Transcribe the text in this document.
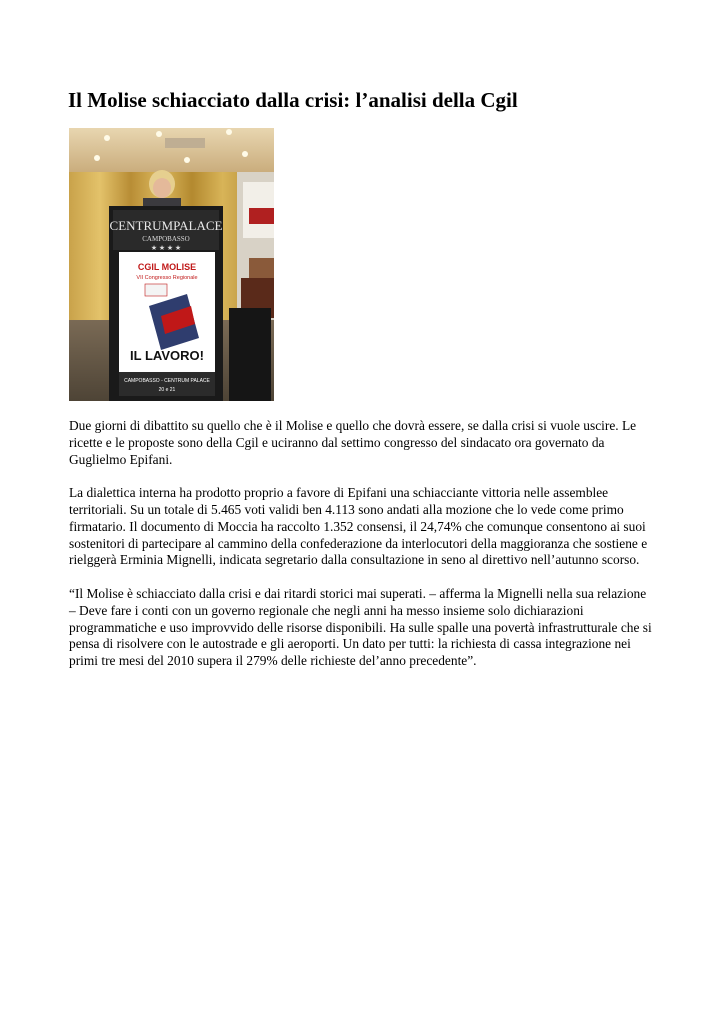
Il Molise schiacciato dalla crisi: l’analisi della Cgil
CENTRUMPALACE
CAMPOBASSO
★ ★ ★ ★
CGIL MOLISE
VII Congresso Regionale
IL LAVORO!
CAMPOBASSO - CENTRUM PALACE
20 e 21

Due giorni di dibattito su quello che è il Molise e quello che dovrà essere, se dalla crisi si vuole uscire. Le ricette e le proposte sono della Cgil e uciranno dal settimo congresso del sindacato ora governato da Guglielmo Epifani.

La dialettica interna ha prodotto proprio a favore di Epifani una schiacciante vittoria nelle assemblee territoriali. Su un totale di 5.465 voti validi ben 4.113 sono andati alla mozione che lo vede come primo firmatario. Il documento di Moccia ha raccolto 1.352 consensi, il 24,74% che comunque consentono ai suoi sostenitori di partecipare al cammino della confederazione da interlocutori della maggioranza che sostiene e rielggerà Erminia Mignelli, indicata segretario dalla consultazione in seno al direttivo nell’autunno scorso.

“Il Molise è schiacciato dalla crisi e dai ritardi storici mai superati. – afferma la Mignelli nella sua relazione – Deve fare i conti con un governo regionale che negli anni ha messo insieme solo dichiarazioni programmatiche e uso improvvido delle risorse disponibili. Ha sulle spalle una povertà infrastrutturale che si pensa di risolvere con le autostrade e gli aeroporti. Un dato per tutti: la richiesta di cassa integrazione nei primi tre mesi del 2010 supera il 279% delle richieste del’anno precedente”.
